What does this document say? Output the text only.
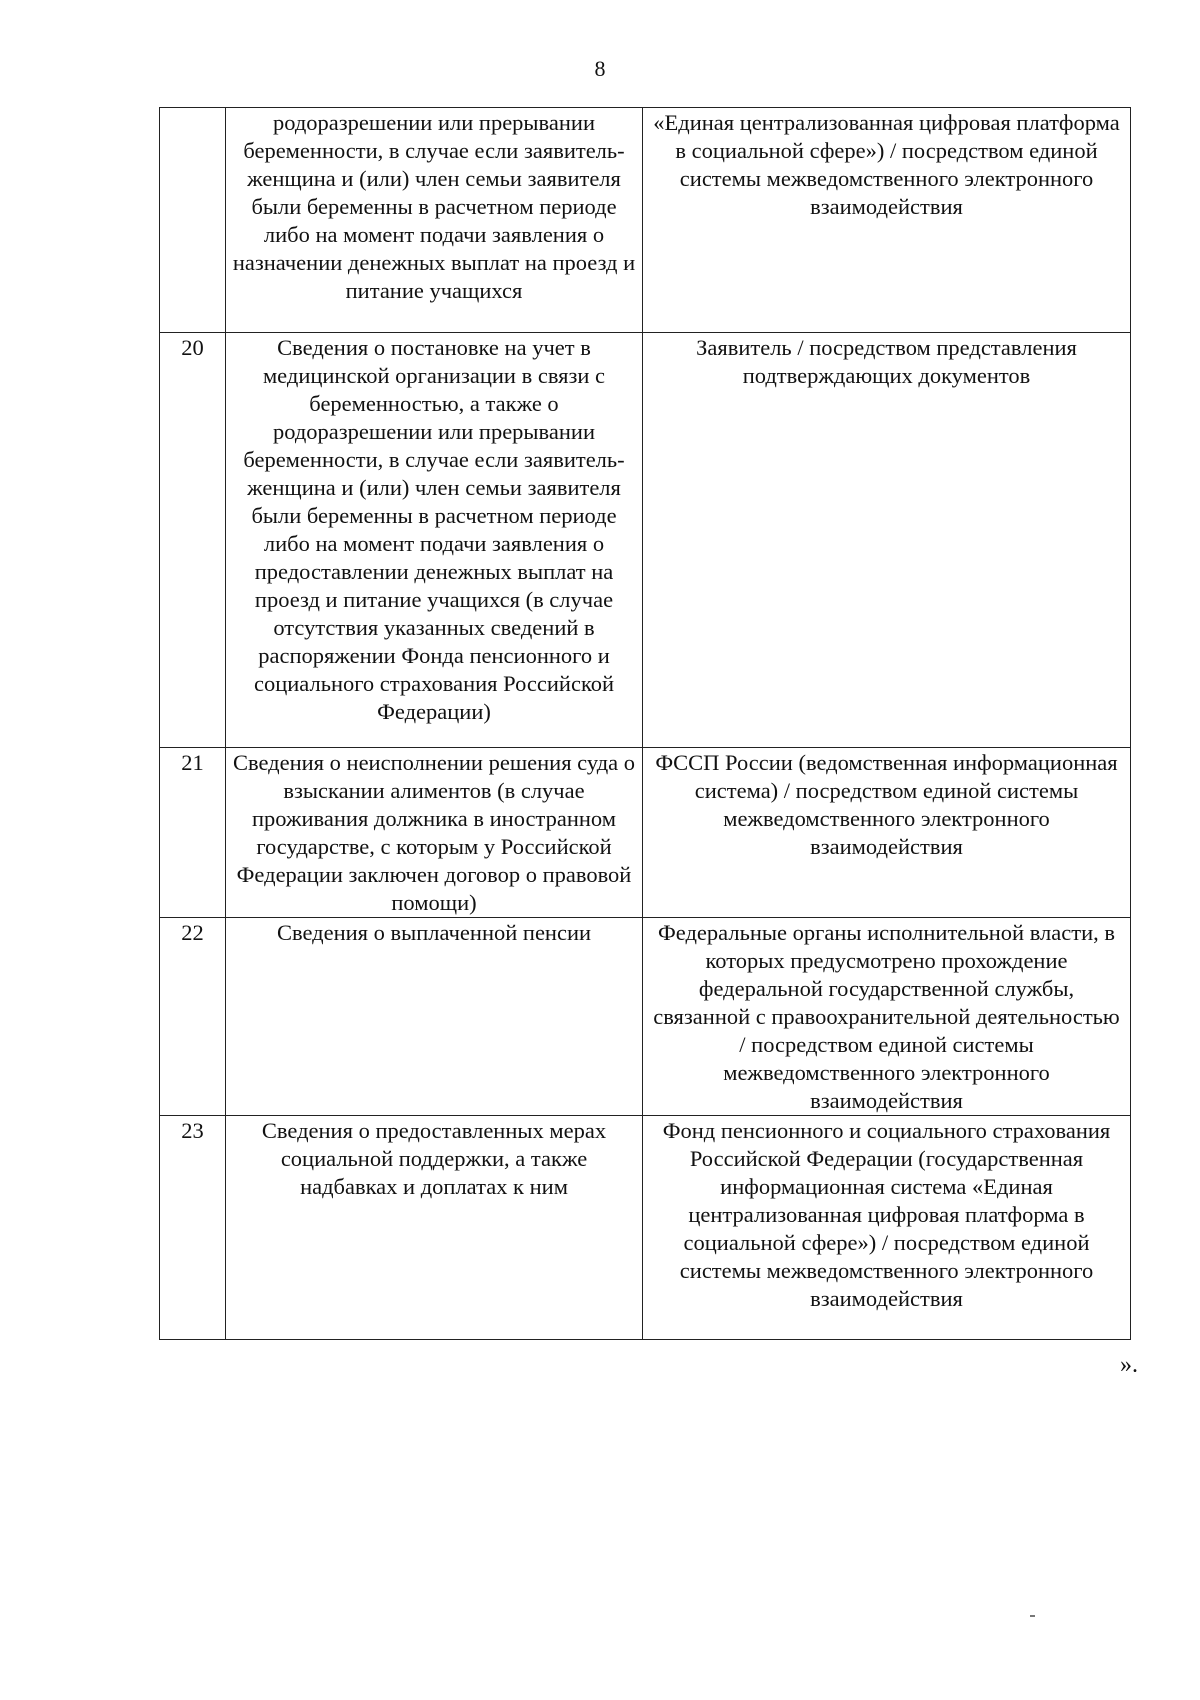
8
	родоразрешении или прерывании беременности, в случае если заявитель-женщина и (или) член семьи заявителя были беременны в расчетном периоде либо на момент подачи заявления о назначении денежных выплат на проезд и питание учащихся	«Единая централизованная цифровая платформа в социальной сфере») / посредством единой системы межведомственного электронного взаимодействия
20	Сведения о постановке на учет в медицинской организации в связи с беременностью, а также о родоразрешении или прерывании беременности, в случае если заявитель-женщина и (или) член семьи заявителя были беременны в расчетном периоде либо на момент подачи заявления о предоставлении денежных выплат на проезд и питание учащихся (в случае отсутствия указанных сведений в распоряжении Фонда пенсионного и социального страхования Российской Федерации)	Заявитель / посредством представления подтверждающих документов
21	Сведения о неисполнении решения суда о взыскании алиментов (в случае проживания должника в иностранном государстве, с которым у Российской Федерации заключен договор о правовой помощи)	ФССП России (ведомственная информационная система) / посредством единой системы межведомственного электронного взаимодействия
22	Сведения о выплаченной пенсии	Федеральные органы исполнительной власти, в которых предусмотрено прохождение федеральной государственной службы, связанной с правоохранительной деятельностью / посредством единой системы межведомственного электронного взаимодействия
23	Сведения о предоставленных мерах социальной поддержки, а также надбавках и доплатах к ним	Фонд пенсионного и социального страхования Российской Федерации (государственная информационная система «Единая централизованная цифровая платформа в социальной сфере») / посредством единой системы межведомственного электронного взаимодействия
».
